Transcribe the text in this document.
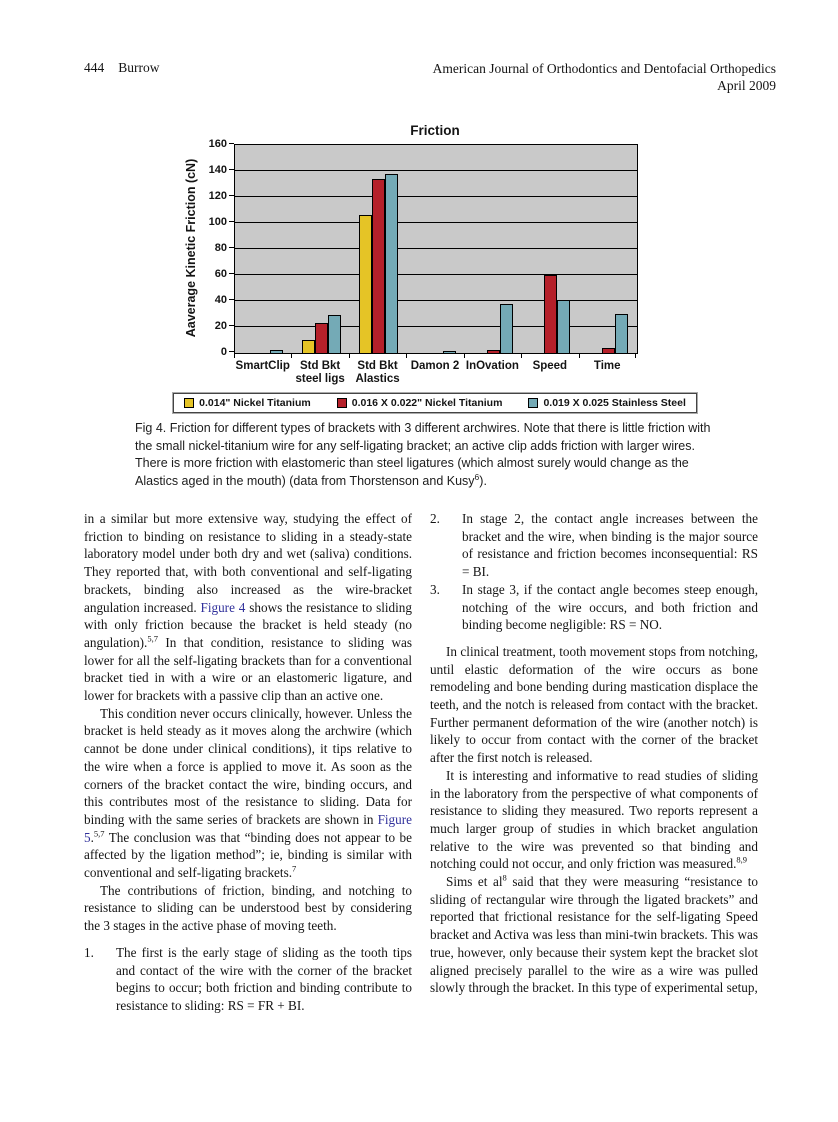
444 Burrow	American Journal of Orthodontics and Dentofacial Orthopedics
April 2009
Friction
Aaverage Kinetic Friction (cN)
0
20
40
60
80
100
120
140
160
SmartClip Std Bkt
steel ligs
Std Bkt
Alastics
Damon 2 InOvation	Speed	Time
0.014" Nickel Titanium	0.016 X 0.022" Nickel Titanium	0.019 X 0.025 Stainless Steel
Fig 4. Friction for different types of brackets with 3 different archwires. Note that there is little friction with the small nickel-titanium wire for any self-ligating bracket; an active clip adds friction with larger wires. There is more friction with elastomeric than steel ligatures (which almost surely would change as the Alastics aged in the mouth) (data from Thorstenson and Kusy$^6$).
in a similar but more extensive way, studying the effect of friction to binding on resistance to sliding in a steady-state laboratory model under both dry and wet (saliva) conditions. They reported that, with both conventional and self-ligating brackets, binding also increased as the wire-bracket angulation increased. Figure 4 shows the resistance to sliding with only friction because the bracket is held steady (no angulation).$^{5,7}$ In that condition, resistance to sliding was lower for all the self-ligating brackets than for a conventional bracket tied in with a wire or an elastomeric ligature, and lower for brackets with a passive clip than an active one.
This condition never occurs clinically, however. Unless the bracket is held steady as it moves along the archwire (which cannot be done under clinical conditions), it tips relative to the wire when a force is applied to move it. As soon as the corners of the bracket contact the wire, binding occurs, and this contributes most of the resistance to sliding. Data for binding with the same series of brackets are shown in Figure 5.$^{5,7}$ The conclusion was that “binding does not appear to be affected by the ligation method”; ie, binding is similar with conventional and self-ligating brackets.$^7$
The contributions of friction, binding, and notching to resistance to sliding can be understood best by considering the 3 stages in the active phase of moving teeth.
1. The first is the early stage of sliding as the tooth tips and contact of the wire with the corner of the bracket begins to occur; both friction and binding contribute to resistance to sliding: RS = FR + BI.
2. In stage 2, the contact angle increases between the bracket and the wire, when binding is the major source of resistance and friction becomes inconsequential: RS = BI.
3. In stage 3, if the contact angle becomes steep enough, notching of the wire occurs, and both friction and binding become negligible: RS = NO.
In clinical treatment, tooth movement stops from notching, until elastic deformation of the wire occurs as bone remodeling and bone bending during mastication displace the teeth, and the notch is released from contact with the bracket. Further permanent deformation of the wire (another notch) is likely to occur from contact with the corner of the bracket after the first notch is released.
It is interesting and informative to read studies of sliding in the laboratory from the perspective of what components of resistance to sliding they measured. Two reports represent a much larger group of studies in which bracket angulation relative to the wire was prevented so that binding and notching could not occur, and only friction was measured.$^{8,9}$
Sims et $al^8$ said that they were measuring “resistance to sliding of rectangular wire through the ligated brackets” and reported that frictional resistance for the self-ligating Speed bracket and Activa was less than mini-twin brackets. This was true, however, only because their system kept the bracket slot aligned precisely parallel to the wire as a wire was pulled slowly through the bracket. In this type of experimental setup,
